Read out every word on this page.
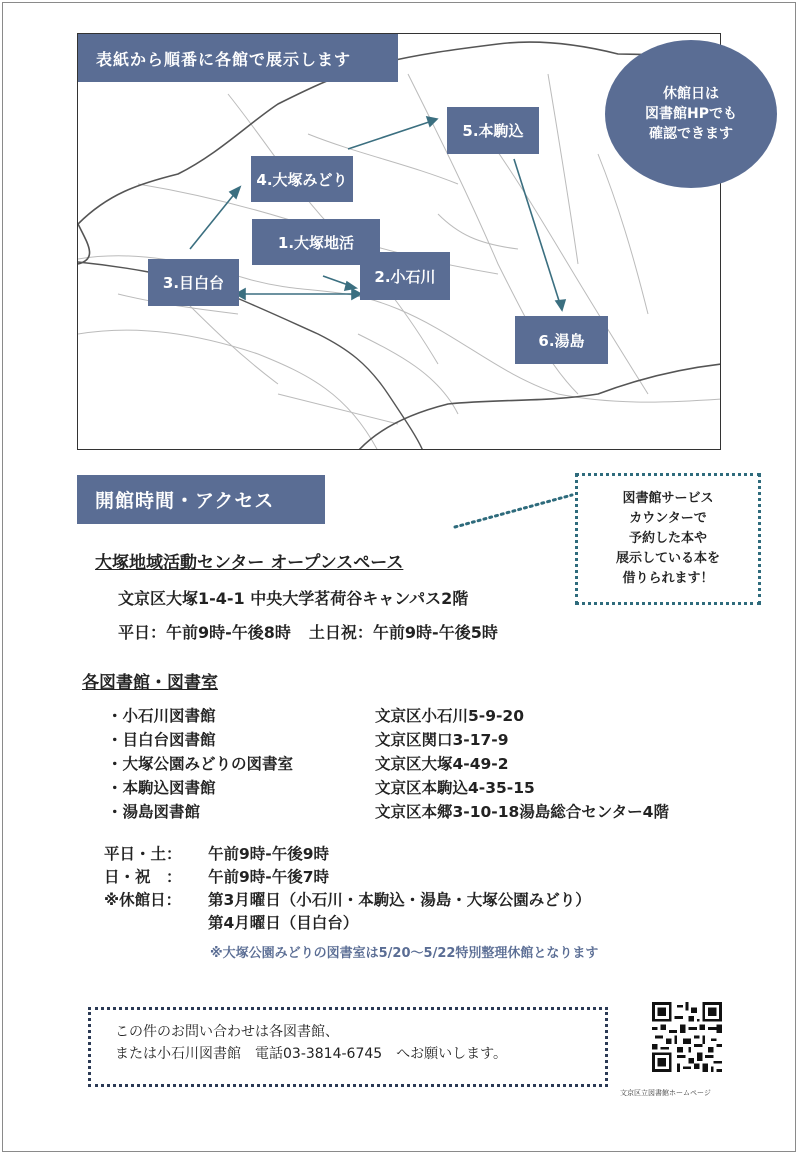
表紙から順番に各館で展示します
1.大塚地活
2.小石川
3.目白台
4.大塚みどり
5.本駒込
6.湯島
休館日は
図書館HPでも
確認できます
開館時間・アクセス	図書館サービス
カウンターで
予約した本や
展示している本を
借りられます！
大塚地域活動センター オープンスペース
文京区大塚1-4-1 中央大学茗荷谷キャンパス2階
平日：午前9時-午後8時 土日祝：午前9時-午後5時
各図書館・図書室
・小石川図書館	文京区小石川5-9-20
・目白台図書館	文京区関口3-17-9
・大塚公園みどりの図書室	文京区大塚4-49-2
・本駒込図書館	文京区本駒込4-35-15
・湯島図書館	文京区本郷3-10-18湯島総合センター4階
平日・土： 午前9時-午後9時
日・祝　： 午前9時-午後7時
※休館日： 第3月曜日（小石川・本駒込・湯島・大塚公園みどり）
第4月曜日（目白台）
※大塚公園みどりの図書室は5/20～5/22特別整理休館となります
この件のお問い合わせは各図書館、
または小石川図書館　電話03-3814-6745　へお願いします。
文京区立図書館ホームページ
